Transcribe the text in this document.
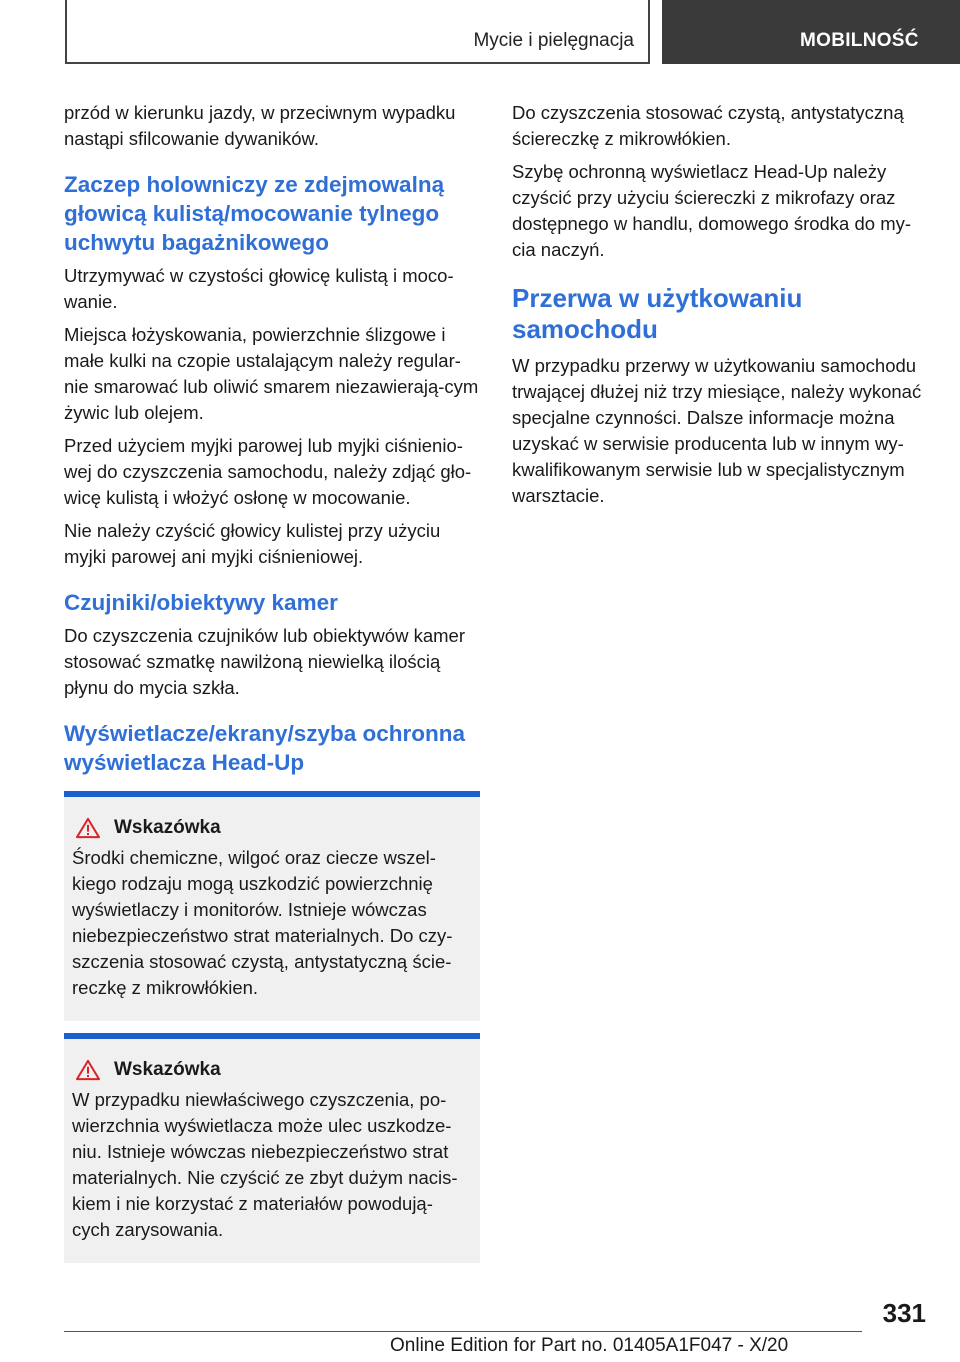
Mycie i pielęgnacja	MOBILNOŚĆ

przód w kierunku jazdy, w przeciwnym wypadku nastąpi sfilcowanie dywaników.

Zaczep holowniczy ze zdejmowalną głowicą kulistą/mocowanie tylnego uchwytu bagażnikowego

Utrzymywać w czystości głowicę kulistą i moco-wanie.

Miejsca łożyskowania, powierzchnie ślizgowe i małe kulki na czopie ustalającym należy regular-nie smarować lub oliwić smarem niezawierają-cym żywic lub olejem.

Przed użyciem myjki parowej lub myjki ciśnienio-wej do czyszczenia samochodu, należy zdjąć gło-wicę kulistą i włożyć osłonę w mocowanie.

Nie należy czyścić głowicy kulistej przy użyciu myjki parowej ani myjki ciśnieniowej.

Czujniki/obiektywy kamer

Do czyszczenia czujników lub obiektywów kamer stosować szmatkę nawilżoną niewielką ilością płynu do mycia szkła.

Wyświetlacze/ekrany/szyba ochronna wyświetlacza Head-Up
Wskazówka

Środki chemiczne, wilgoć oraz ciecze wszel-kiego rodzaju mogą uszkodzić powierzchnię wyświetlaczy i monitorów. Istnieje wówczas niebezpieczeństwo strat materialnych. Do czy-szczenia stosować czystą, antystatyczną ście-reczkę z mikrowłókien.

Wskazówka

W przypadku niewłaściwego czyszczenia, po-wierzchnia wyświetlacza może ulec uszkodze-niu. Istnieje wówczas niebezpieczeństwo strat materialnych. Nie czyścić ze zbyt dużym nacis-kiem i nie korzystać z materiałów powodują-cych zarysowania.

Do czyszczenia stosować czystą, antystatyczną ściereczkę z mikrowłókien.

Szybę ochronną wyświetlacz Head-Up należy czyścić przy użyciu ściereczki z mikrofazy oraz dostępnego w handlu, domowego środka do my-cia naczyń.

Przerwa w użytkowaniu samochodu

W przypadku przerwy w użytkowaniu samochodu trwającej dłużej niż trzy miesiące, należy wykonać specjalne czynności. Dalsze informacje można uzyskać w serwisie producenta lub w innym wy-kwalifikowanym serwisie lub w specjalistycznym warsztacie.

331
Online Edition for Part no. 01405A1F047 - X/20
